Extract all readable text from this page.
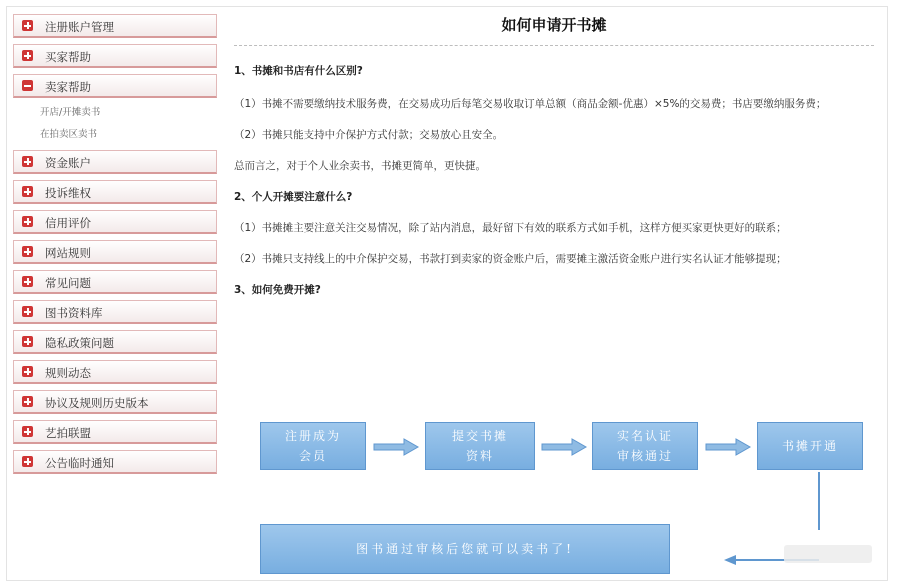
注册账户管理
买家帮助
卖家帮助
开店/开摊卖书
在拍卖区卖书
资金账户
投诉维权
信用评价
网站规则
常见问题
图书资料库
隐私政策问题
规则动态
协议及规则历史版本
艺拍联盟
公告临时通知
如何申请开书摊

1、书摊和书店有什么区别?

（1）书摊不需要缴纳技术服务费，在交易成功后每笔交易收取订单总额（商品金额-优惠）×5%的交易费；书店要缴纳服务费；

（2）书摊只能支持中介保护方式付款；交易放心且安全。

总而言之，对于个人业余卖书，书摊更简单，更快捷。

2、个人开摊要注意什么?

（1）书摊摊主要注意关注交易情况，除了站内消息，最好留下有效的联系方式如手机，这样方便买家更快更好的联系；

（2）书摊只支持线上的中介保护交易，书款打到卖家的资金账户后，需要摊主激活资金账户进行实名认证才能够提现；

3、如何免费开摊?

注册成为
会员
提交书摊
资料
实名认证
审核通过
书摊开通
图书通过审核后您就可以卖书了!
